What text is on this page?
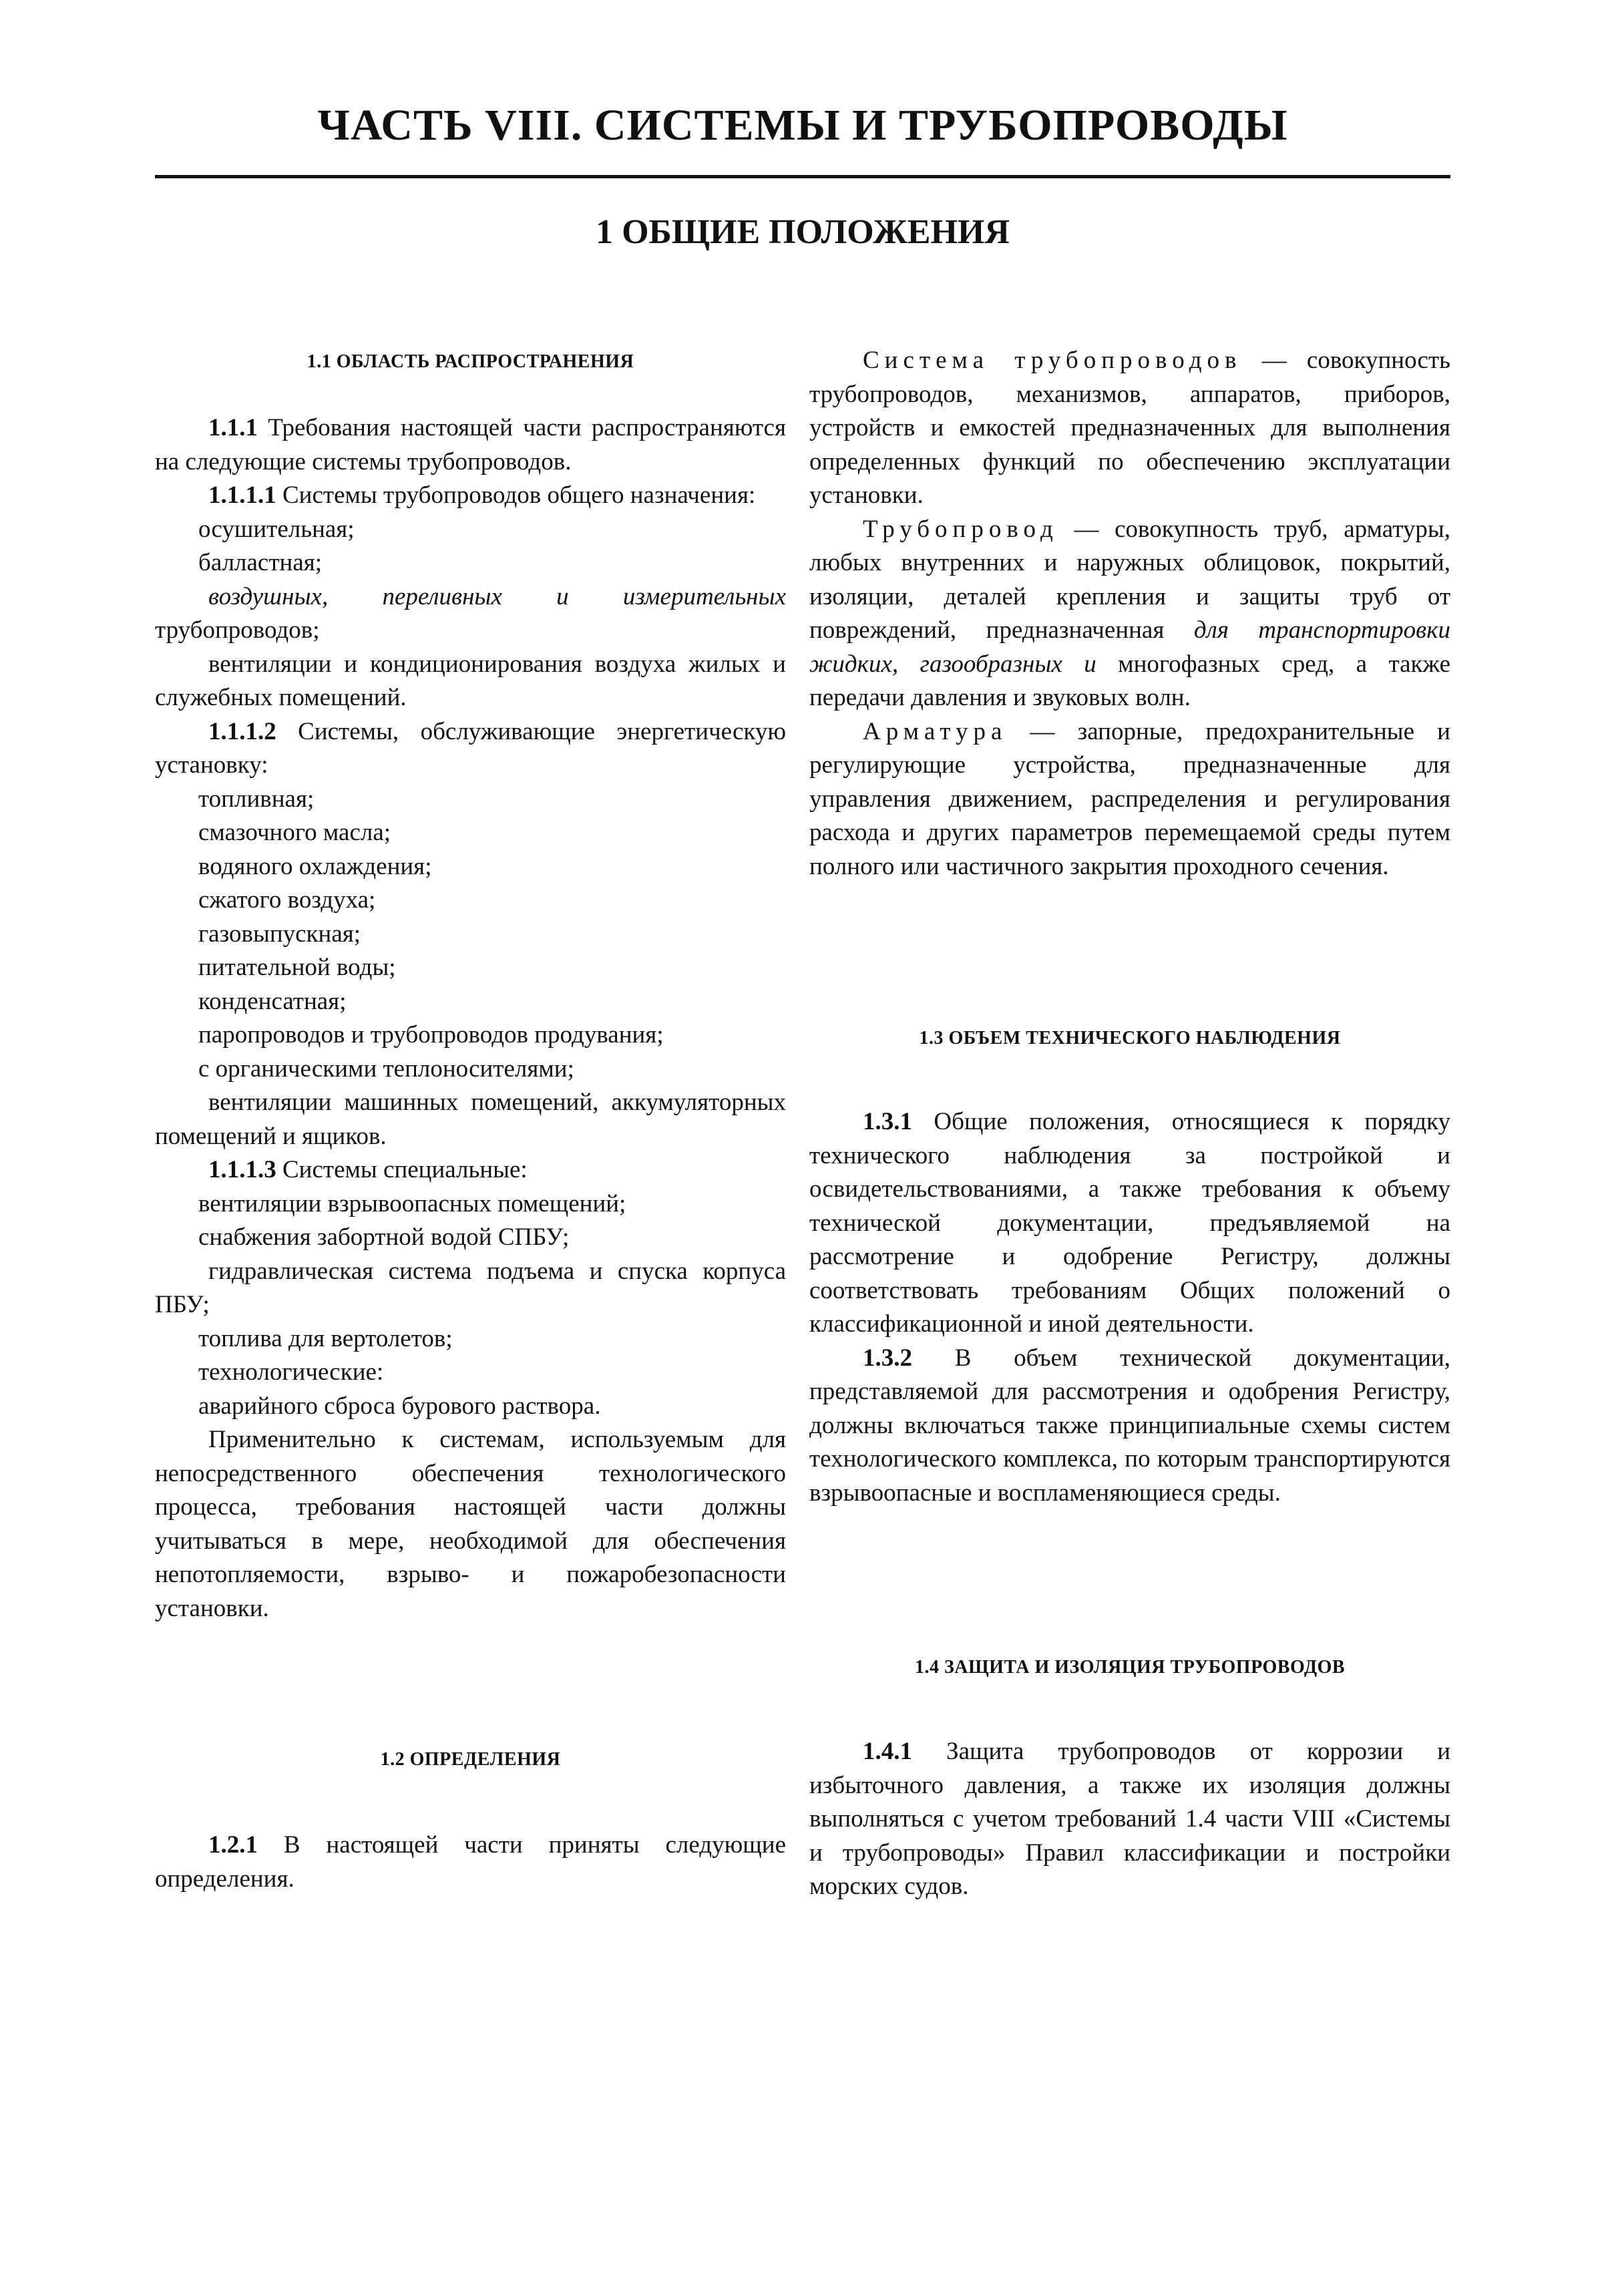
ЧАСТЬ VIII. СИСТЕМЫ И ТРУБОПРОВОДЫ
1 ОБЩИЕ ПОЛОЖЕНИЯ
1.1 ОБЛАСТЬ РАСПРОСТРАНЕНИЯ

1.1.1 Требования настоящей части распространяются на следующие системы трубопроводов.

1.1.1.1 Системы трубопроводов общего назначения:

осушительная;

балластная;

воздушных, переливных и измерительных

трубопроводов;

вентиляции и кондиционирования воздуха жилых и служебных помещений.

1.1.1.2 Системы, обслуживающие энергетическую установку:

топливная;

смазочного масла;

водяного охлаждения;

сжатого воздуха;

газовыпускная;

питательной воды;

конденсатная;

паропроводов и трубопроводов продувания;

с органическими теплоносителями;

вентиляции машинных помещений, аккумуляторных помещений и ящиков.

1.1.1.3 Системы специальные:

вентиляции взрывоопасных помещений;

снабжения забортной водой СПБУ;

гидравлическая система подъема и спуска корпуса ПБУ;

топлива для вертолетов;

технологические:

аварийного сброса бурового раствора.

Применительно к системам, используемым для непосредственного обеспечения технологического процесса, требования настоящей части должны учитываться в мере, необходимой для обеспечения непотопляемости, взрыво- и пожаробезопасности установки.

1.2 ОПРЕДЕЛЕНИЯ

1.2.1 В настоящей части приняты следующие определения.

Система трубопроводов — совокупность трубопроводов, механизмов, аппаратов, приборов, устройств и емкостей предназначенных для выполнения определенных функций по обеспечению эксплуатации установки.

Трубопровод — совокупность труб, арматуры, любых внутренних и наружных облицовок, покрытий, изоляции, деталей крепления и защиты труб от повреждений, предназначенная для транспортировки жидких, газообразных и многофазных сред, а также передачи давления и звуковых волн.

Арматура — запорные, предохранительные и регулирующие устройства, предназначенные для управления движением, распределения и регулирования расхода и других параметров перемещаемой среды путем полного или частичного закрытия проходного сечения.

1.3 ОБЪЕМ ТЕХНИЧЕСКОГО НАБЛЮДЕНИЯ

1.3.1 Общие положения, относящиеся к порядку технического наблюдения за постройкой и освидетельствованиями, а также требования к объему технической документации, предъявляемой на рассмотрение и одобрение Регистру, должны соответствовать требованиям Общих положений о классификационной и иной деятельности.

1.3.2 В объем технической документации, представляемой для рассмотрения и одобрения Регистру, должны включаться также принципиальные схемы систем технологического комплекса, по которым транспортируются взрывоопасные и воспламеняющиеся среды.

1.4 ЗАЩИТА И ИЗОЛЯЦИЯ ТРУБОПРОВОДОВ

1.4.1 Защита трубопроводов от коррозии и избыточного давления, а также их изоляция должны выполняться с учетом требований 1.4 части VIII «Системы и трубопроводы» Правил классификации и постройки морских судов.
